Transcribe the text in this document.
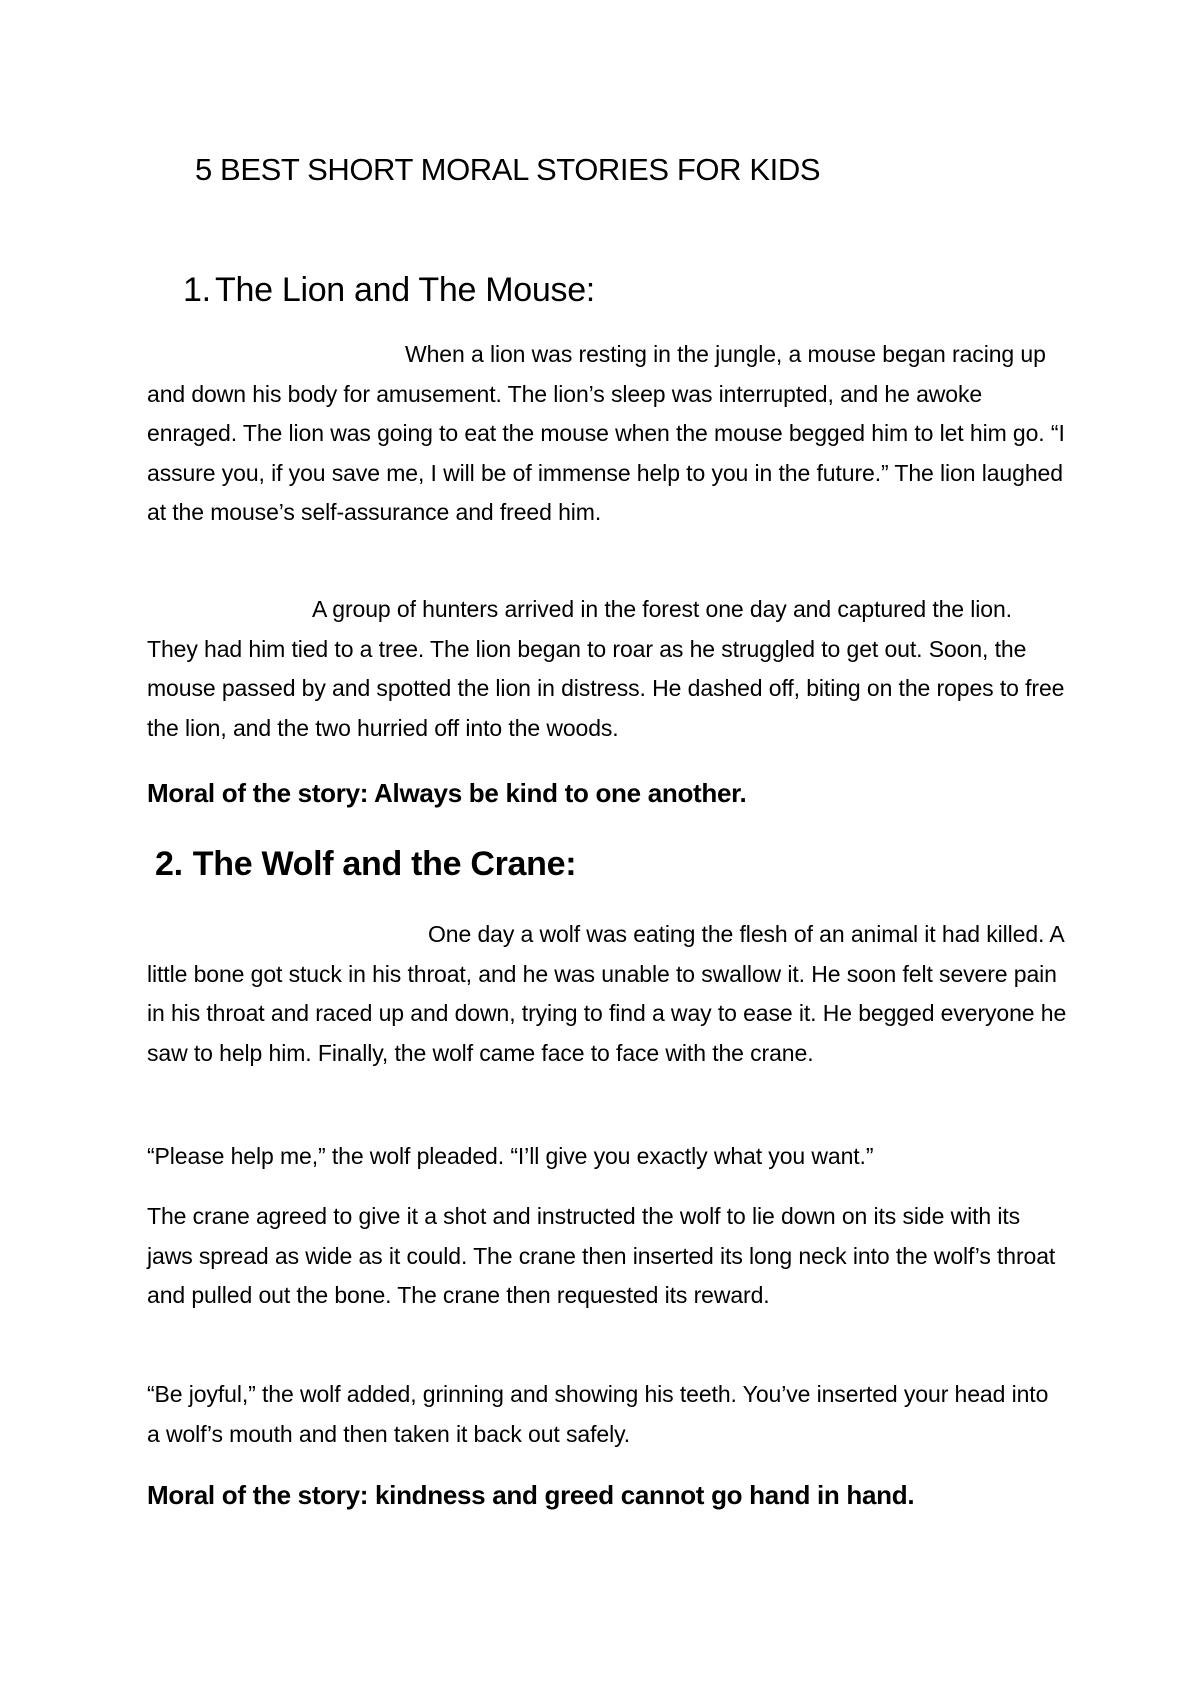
5 BEST SHORT MORAL STORIES FOR KIDS
1. The Lion and The Mouse:

When a lion was resting in the jungle, a mouse began racing up and down his body for amusement. The lion’s sleep was interrupted, and he awoke enraged. The lion was going to eat the mouse when the mouse begged him to let him go. “I assure you, if you save me, I will be of immense help to you in the future.” The lion laughed at the mouse’s self-assurance and freed him.

A group of hunters arrived in the forest one day and captured the lion. They had him tied to a tree. The lion began to roar as he struggled to get out. Soon, the mouse passed by and spotted the lion in distress. He dashed off, biting on the ropes to free the lion, and the two hurried off into the woods.

Moral of the story: Always be kind to one another.

2. The Wolf and the Crane:

One day a wolf was eating the flesh of an animal it had killed. A little bone got stuck in his throat, and he was unable to swallow it. He soon felt severe pain in his throat and raced up and down, trying to find a way to ease it. He begged everyone he saw to help him. Finally, the wolf came face to face with the crane.

“Please help me,” the wolf pleaded. “I’ll give you exactly what you want.”

The crane agreed to give it a shot and instructed the wolf to lie down on its side with its jaws spread as wide as it could. The crane then inserted its long neck into the wolf’s throat and pulled out the bone. The crane then requested its reward.

“Be joyful,” the wolf added, grinning and showing his teeth. You’ve inserted your head into a wolf’s mouth and then taken it back out safely.

Moral of the story: kindness and greed cannot go hand in hand.
